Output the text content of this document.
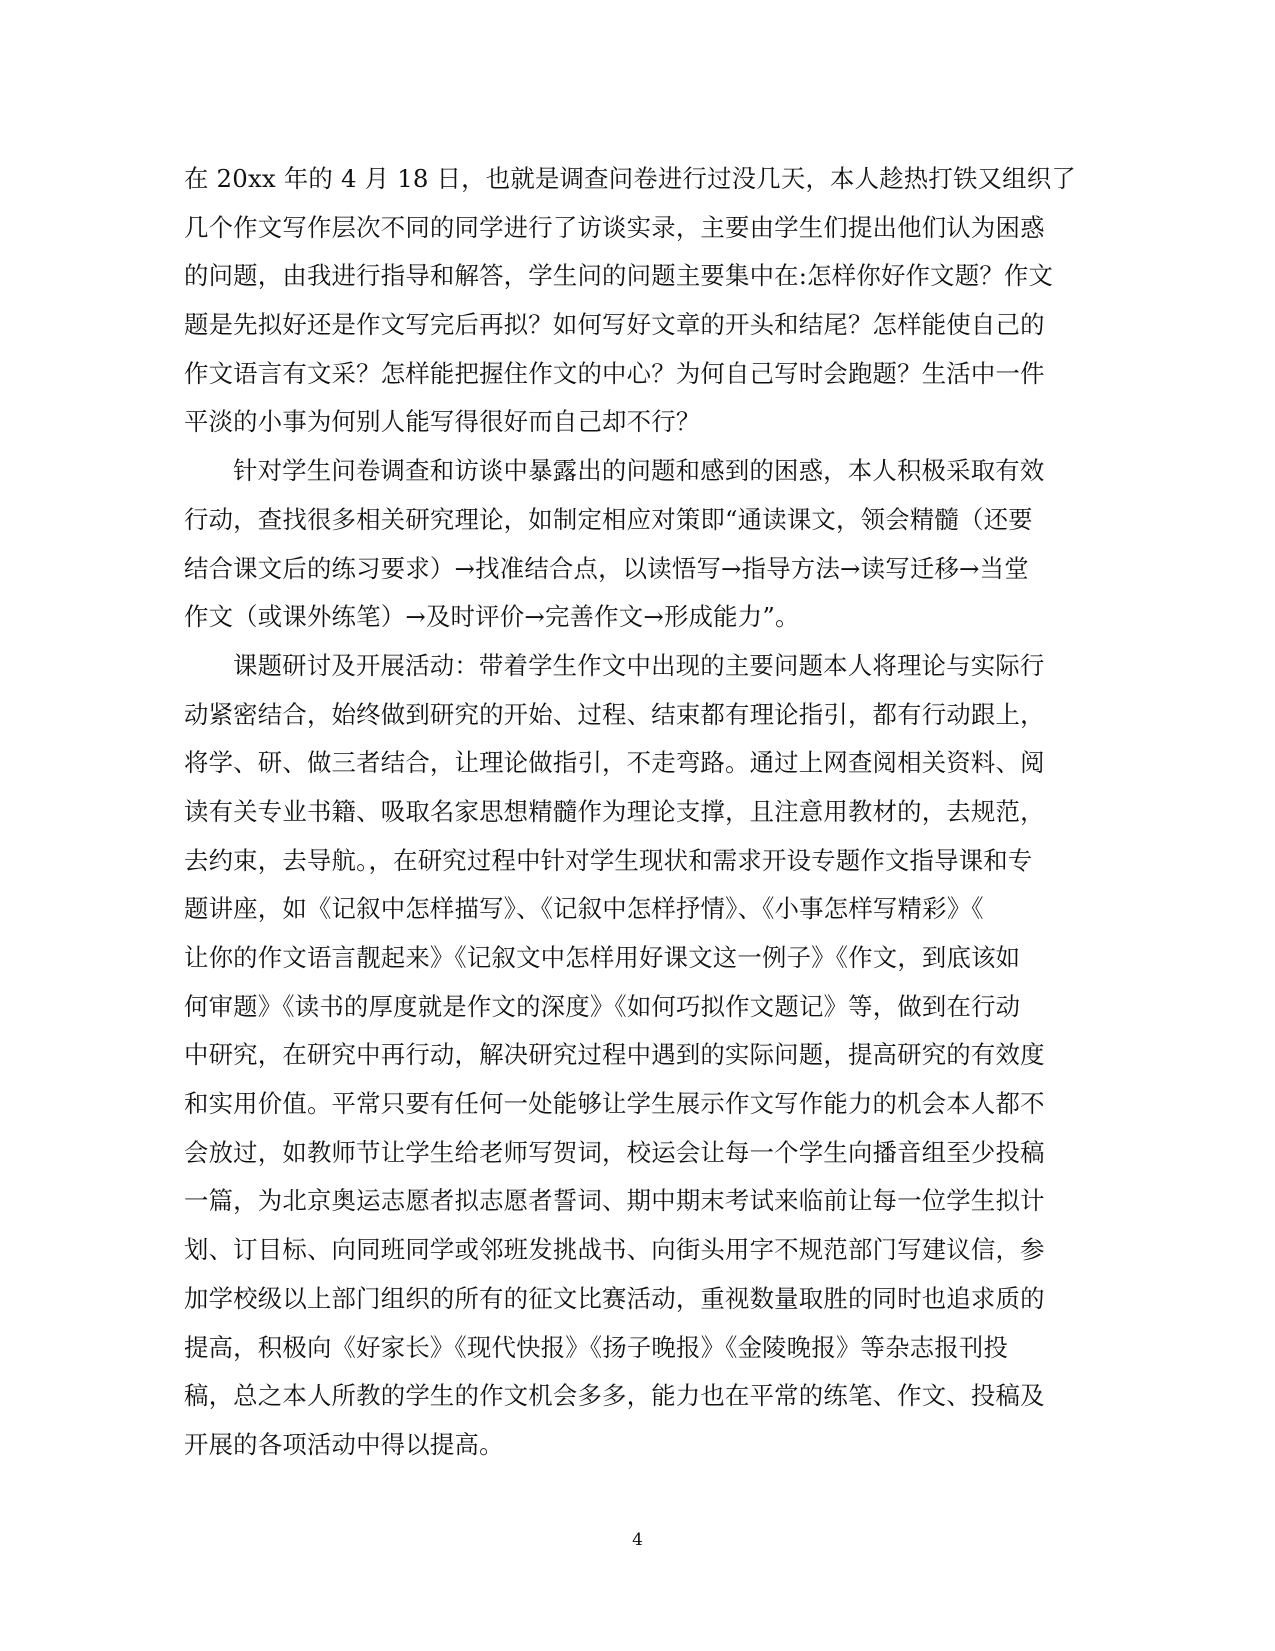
在 20xx 年的 4 月 18 日，也就是调查问卷进行过没几天，本人趁热打铁又组织了
几个作文写作层次不同的同学进行了访谈实录，主要由学生们提出他们认为困惑
的问题，由我进行指导和解答，学生问的问题主要集中在:怎样你好作文题？作文
题是先拟好还是作文写完后再拟？如何写好文章的开头和结尾？怎样能使自己的
作文语言有文采？怎样能把握住作文的中心？为何自己写时会跑题？生活中一件
平淡的小事为何别人能写得很好而自己却不行？
针对学生问卷调查和访谈中暴露出的问题和感到的困惑，本人积极采取有效
行动，查找很多相关研究理论，如制定相应对策即“通读课文，领会精髓（还要
结合课文后的练习要求）→找准结合点，以读悟写→指导方法→读写迁移→当堂
作文（或课外练笔）→及时评价→完善作文→形成能力”。
课题研讨及开展活动：带着学生作文中出现的主要问题本人将理论与实际行
动紧密结合，始终做到研究的开始、过程、结束都有理论指引，都有行动跟上，
将学、研、做三者结合，让理论做指引，不走弯路。通过上网查阅相关资料、阅
读有关专业书籍、吸取名家思想精髓作为理论支撑，且注意用教材的，去规范，
去约束，去导航。，在研究过程中针对学生现状和需求开设专题作文指导课和专
题讲座，如《记叙中怎样描写》、《记叙中怎样抒情》、《小事怎样写精彩》《
让你的作文语言靓起来》《记叙文中怎样用好课文这一例子》《作文，到底该如
何审题》《读书的厚度就是作文的深度》《如何巧拟作文题记》等，做到在行动
中研究，在研究中再行动，解决研究过程中遇到的实际问题，提高研究的有效度
和实用价值。平常只要有任何一处能够让学生展示作文写作能力的机会本人都不
会放过，如教师节让学生给老师写贺词，校运会让每一个学生向播音组至少投稿
一篇，为北京奥运志愿者拟志愿者誓词、期中期末考试来临前让每一位学生拟计
划、订目标、向同班同学或邻班发挑战书、向街头用字不规范部门写建议信，参
加学校级以上部门组织的所有的征文比赛活动，重视数量取胜的同时也追求质的
提高，积极向《好家长》《现代快报》《扬子晚报》《金陵晚报》等杂志报刊投
稿，总之本人所教的学生的作文机会多多，能力也在平常的练笔、作文、投稿及
开展的各项活动中得以提高。
4
